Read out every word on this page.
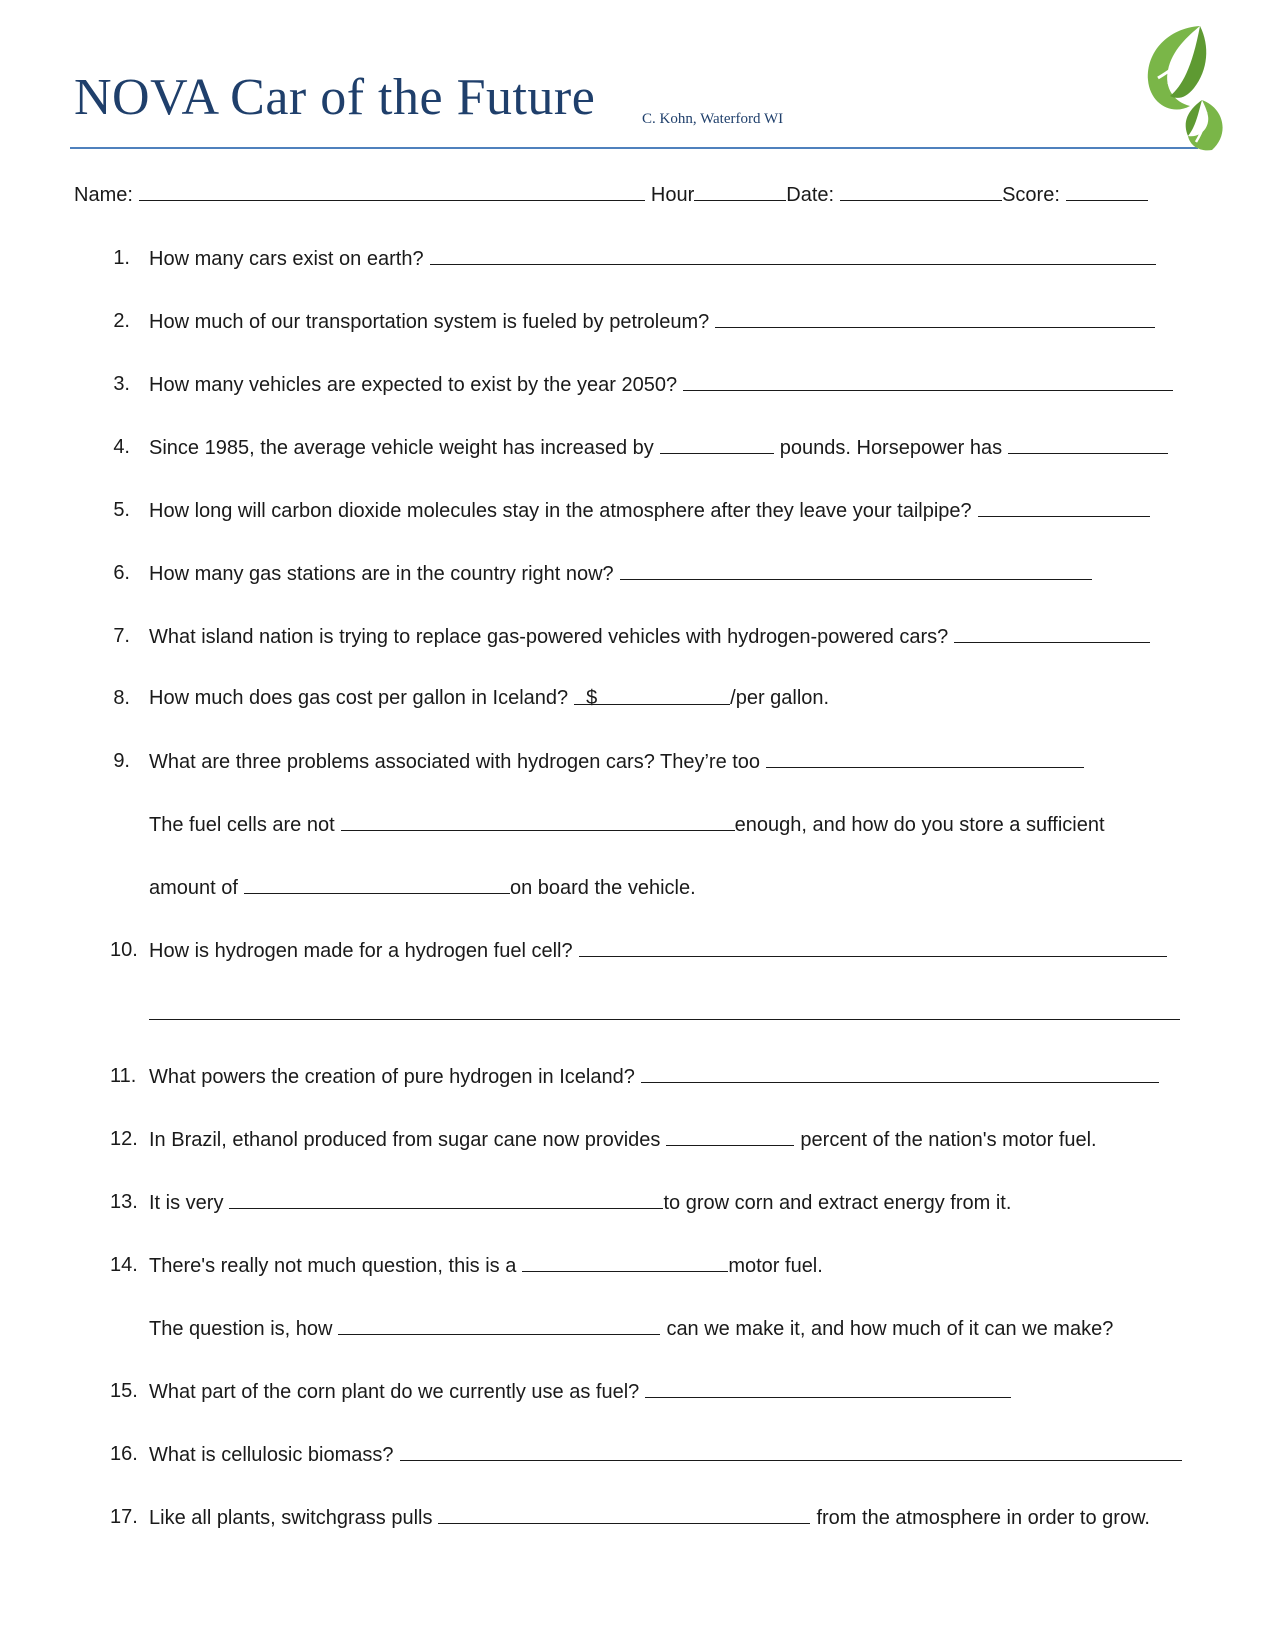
NOVA Car of the Future	C. Kohn, Waterford WI
Name:	Hour	Date:	Score:
1. How many cars exist on earth?
2. How much of our transportation system is fueled by petroleum?
3. How many vehicles are expected to exist by the year 2050?
4. Since 1985, the average vehicle weight has increased by	pounds. Horsepower has
5. How long will carbon dioxide molecules stay in the atmosphere after they leave your tailpipe?
6. How many gas stations are in the country right now?
7. What island nation is trying to replace gas-powered vehicles with hydrogen-powered cars?
8. How much does gas cost per gallon in Iceland? $	/per gallon.
9. What are three problems associated with hydrogen cars? They’re too
The fuel cells are not	enough, and how do you store a sufficient
amount of	on board the vehicle.
10. How is hydrogen made for a hydrogen fuel cell?
11. What powers the creation of pure hydrogen in Iceland?
12. In Brazil, ethanol produced from sugar cane now provides	percent of the nation's motor fuel.
13. It is very	to grow corn and extract energy from it.
14. There's really not much question, this is a	motor fuel.
The question is, how	can we make it, and how much of it can we make?
15. What part of the corn plant do we currently use as fuel?
16. What is cellulosic biomass?
17. Like all plants, switchgrass pulls	from the atmosphere in order to grow.
